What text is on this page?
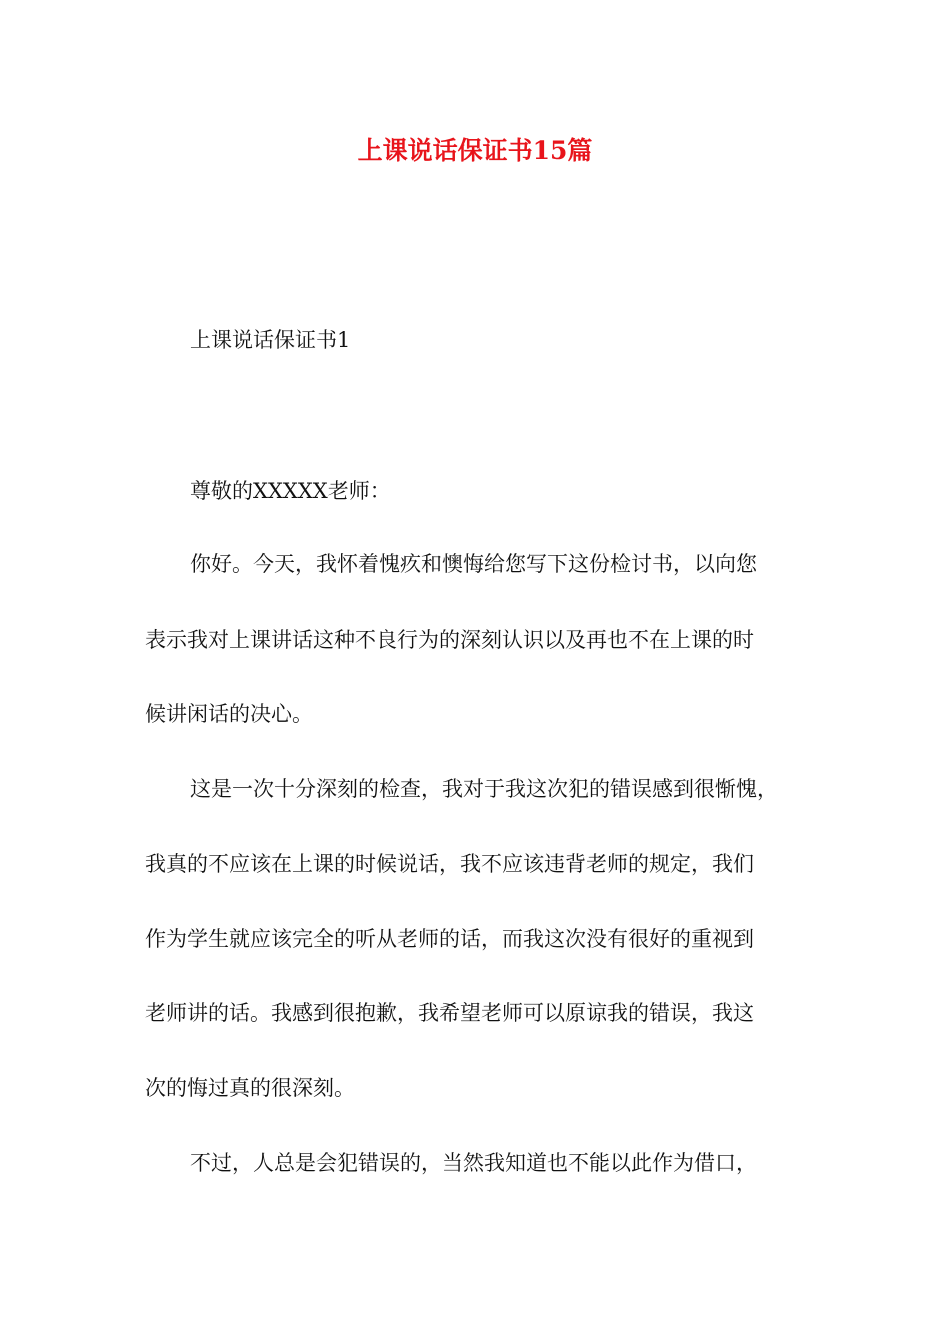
上课说话保证书15篇

上课说话保证书1

尊敬的XXXXX老师：

你好。今天，我怀着愧疚和懊悔给您写下这份检讨书，以向您

表示我对上课讲话这种不良行为的深刻认识以及再也不在上课的时

候讲闲话的决心。

这是一次十分深刻的检查，我对于我这次犯的错误感到很惭愧，

我真的不应该在上课的时候说话，我不应该违背老师的规定，我们

作为学生就应该完全的听从老师的话，而我这次没有很好的重视到

老师讲的话。我感到很抱歉，我希望老师可以原谅我的错误，我这

次的悔过真的很深刻。

不过，人总是会犯错误的，当然我知道也不能以此作为借口，
